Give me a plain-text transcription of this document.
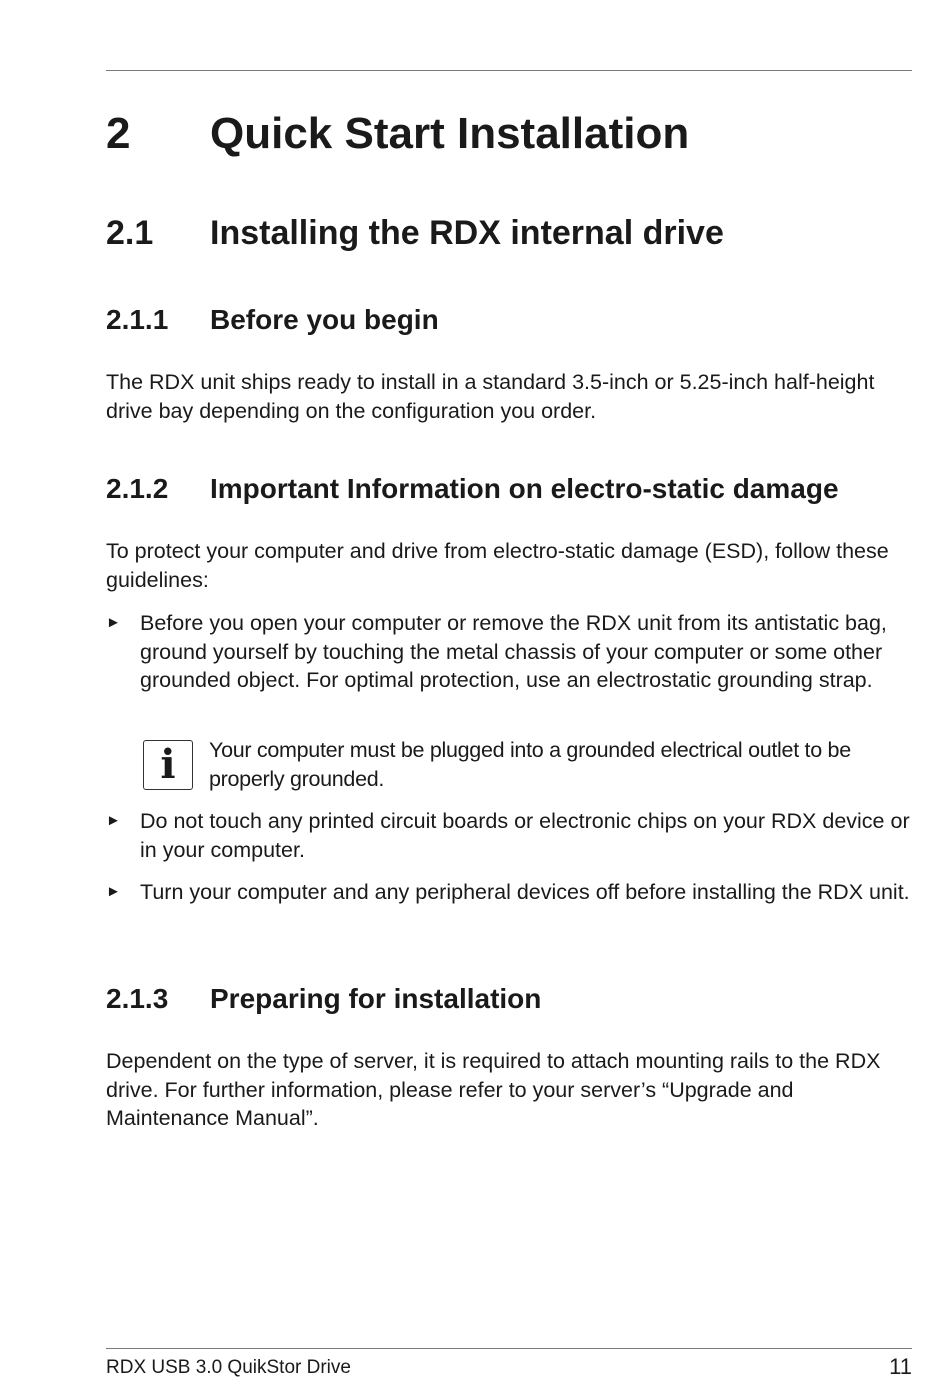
2 Quick Start Installation
2.1 Installing the RDX internal drive
2.1.1 Before you begin
The RDX unit ships ready to install in a standard 3.5-inch or 5.25-inch half-height drive bay depending on the configuration you order.
2.1.2 Important Information on electro-static damage
To protect your computer and drive from electro-static damage (ESD), follow these guidelines:
► Before you open your computer or remove the RDX unit from its antistatic bag, ground yourself by touching the metal chassis of your computer or some other grounded object. For optimal protection, use an electrostatic grounding strap.
i	Your computer must be plugged into a grounded electrical outlet to be properly grounded.
► Do not touch any printed circuit boards or electronic chips on your RDX device or in your computer.
► Turn your computer and any peripheral devices off before installing the RDX unit.
2.1.3 Preparing for installation
Dependent on the type of server, it is required to attach mounting rails to the RDX drive. For further information, please refer to your server’s “Upgrade and Maintenance Manual”.
RDX USB 3.0 QuikStor Drive	11
